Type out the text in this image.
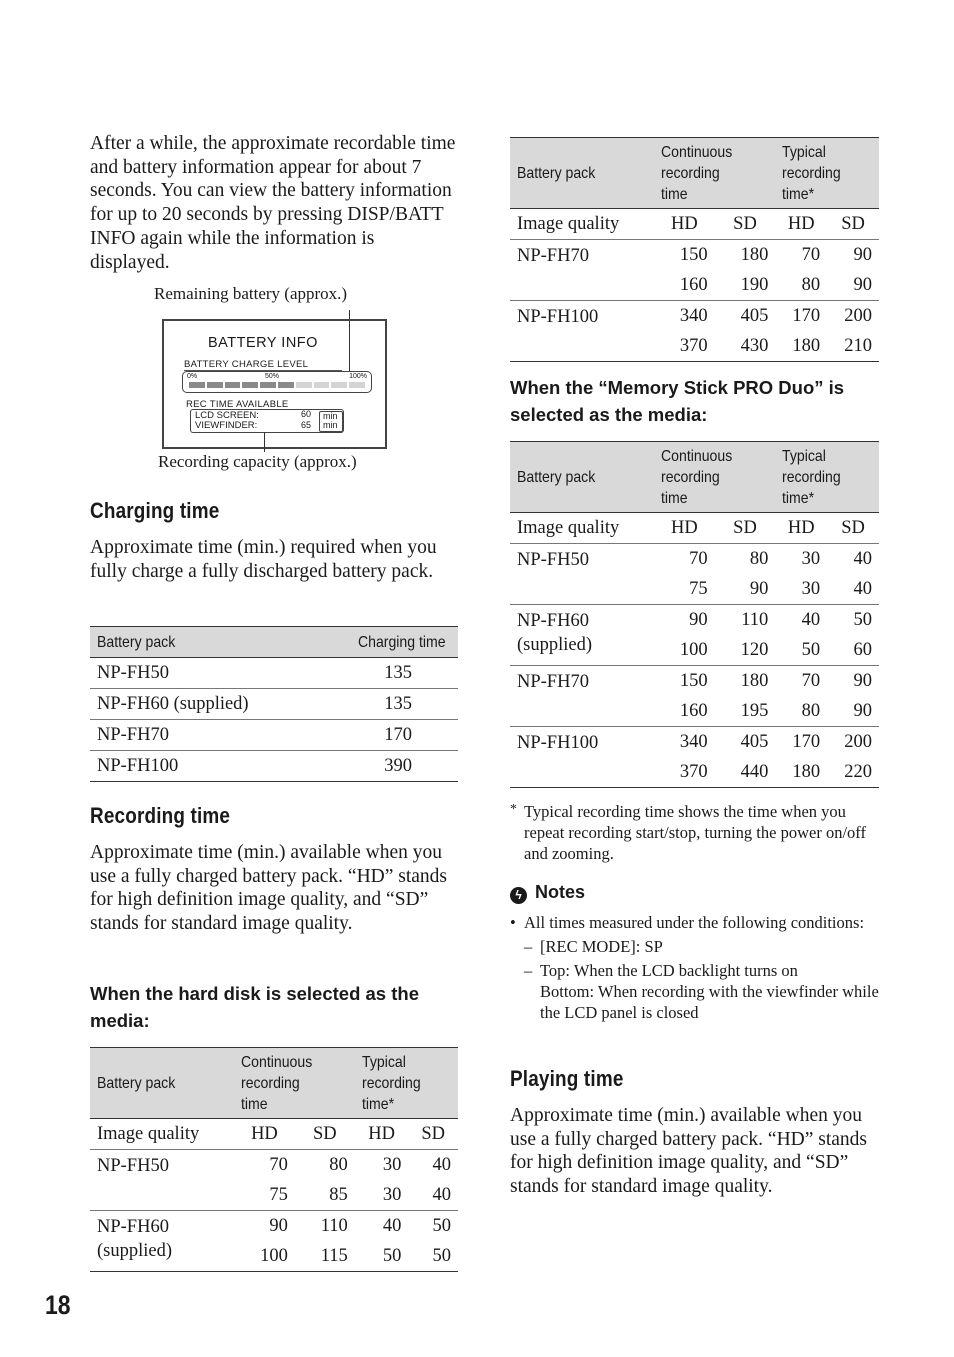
After a while, the approximate recordable time and battery information appear for about 7 seconds. You can view the battery information for up to 20 seconds by pressing DISP/BATT INFO again while the information is displayed.

Remaining battery (approx.)
BATTERY INFO
BATTERY CHARGE LEVEL
0%	50%	100%
REC TIME AVAILABLE
LCD SCREEN:	60
VIEWFINDER:	65
min
min
Recording capacity (approx.)
Charging time

Approximate time (min.) required when you fully charge a fully discharged battery pack.

Battery pack	Charging time
NP-FH50	135
NP-FH60 (supplied)	135
NP-FH70	170
NP-FH100	390
Recording time

Approximate time (min.) available when you use a fully charged battery pack. “HD” stands for high definition image quality, and “SD” stands for standard image quality.

When the hard disk is selected as the media:
Battery pack	Continuous recording time		Typical recording time*	
Image quality	HD	SD	HD	SD
NP-FH50	70	80	30	40
	75	85	30	40
NP-FH60
(supplied)	90	110	40	50
	100	115	50	50
18
Battery pack	Continuous recording time		Typical recording time*	
Image quality	HD	SD	HD	SD
NP-FH70	150	180	70	90
	160	190	80	90
NP-FH100	340	405	170	200
	370	430	180	210
When the “Memory Stick PRO Duo” is selected as the media:
Battery pack	Continuous recording time		Typical recording time*	
Image quality	HD	SD	HD	SD
NP-FH50	70	80	30	40
	75	90	30	40
NP-FH60
(supplied)	90	110	40	50
	100	120	50	60
NP-FH70	150	180	70	90
	160	195	80	90
NP-FH100	340	405	170	200
	370	440	180	220
* Typical recording time shows the time when you repeat recording start/stop, turning the power on/off and zooming.
ϟ Notes
• All times measured under the following conditions:
– [REC MODE]: SP
– Top: When the LCD backlight turns on
Bottom: When recording with the viewfinder while the LCD panel is closed
Playing time

Approximate time (min.) available when you use a fully charged battery pack. “HD” stands for high definition image quality, and “SD” stands for standard image quality.
